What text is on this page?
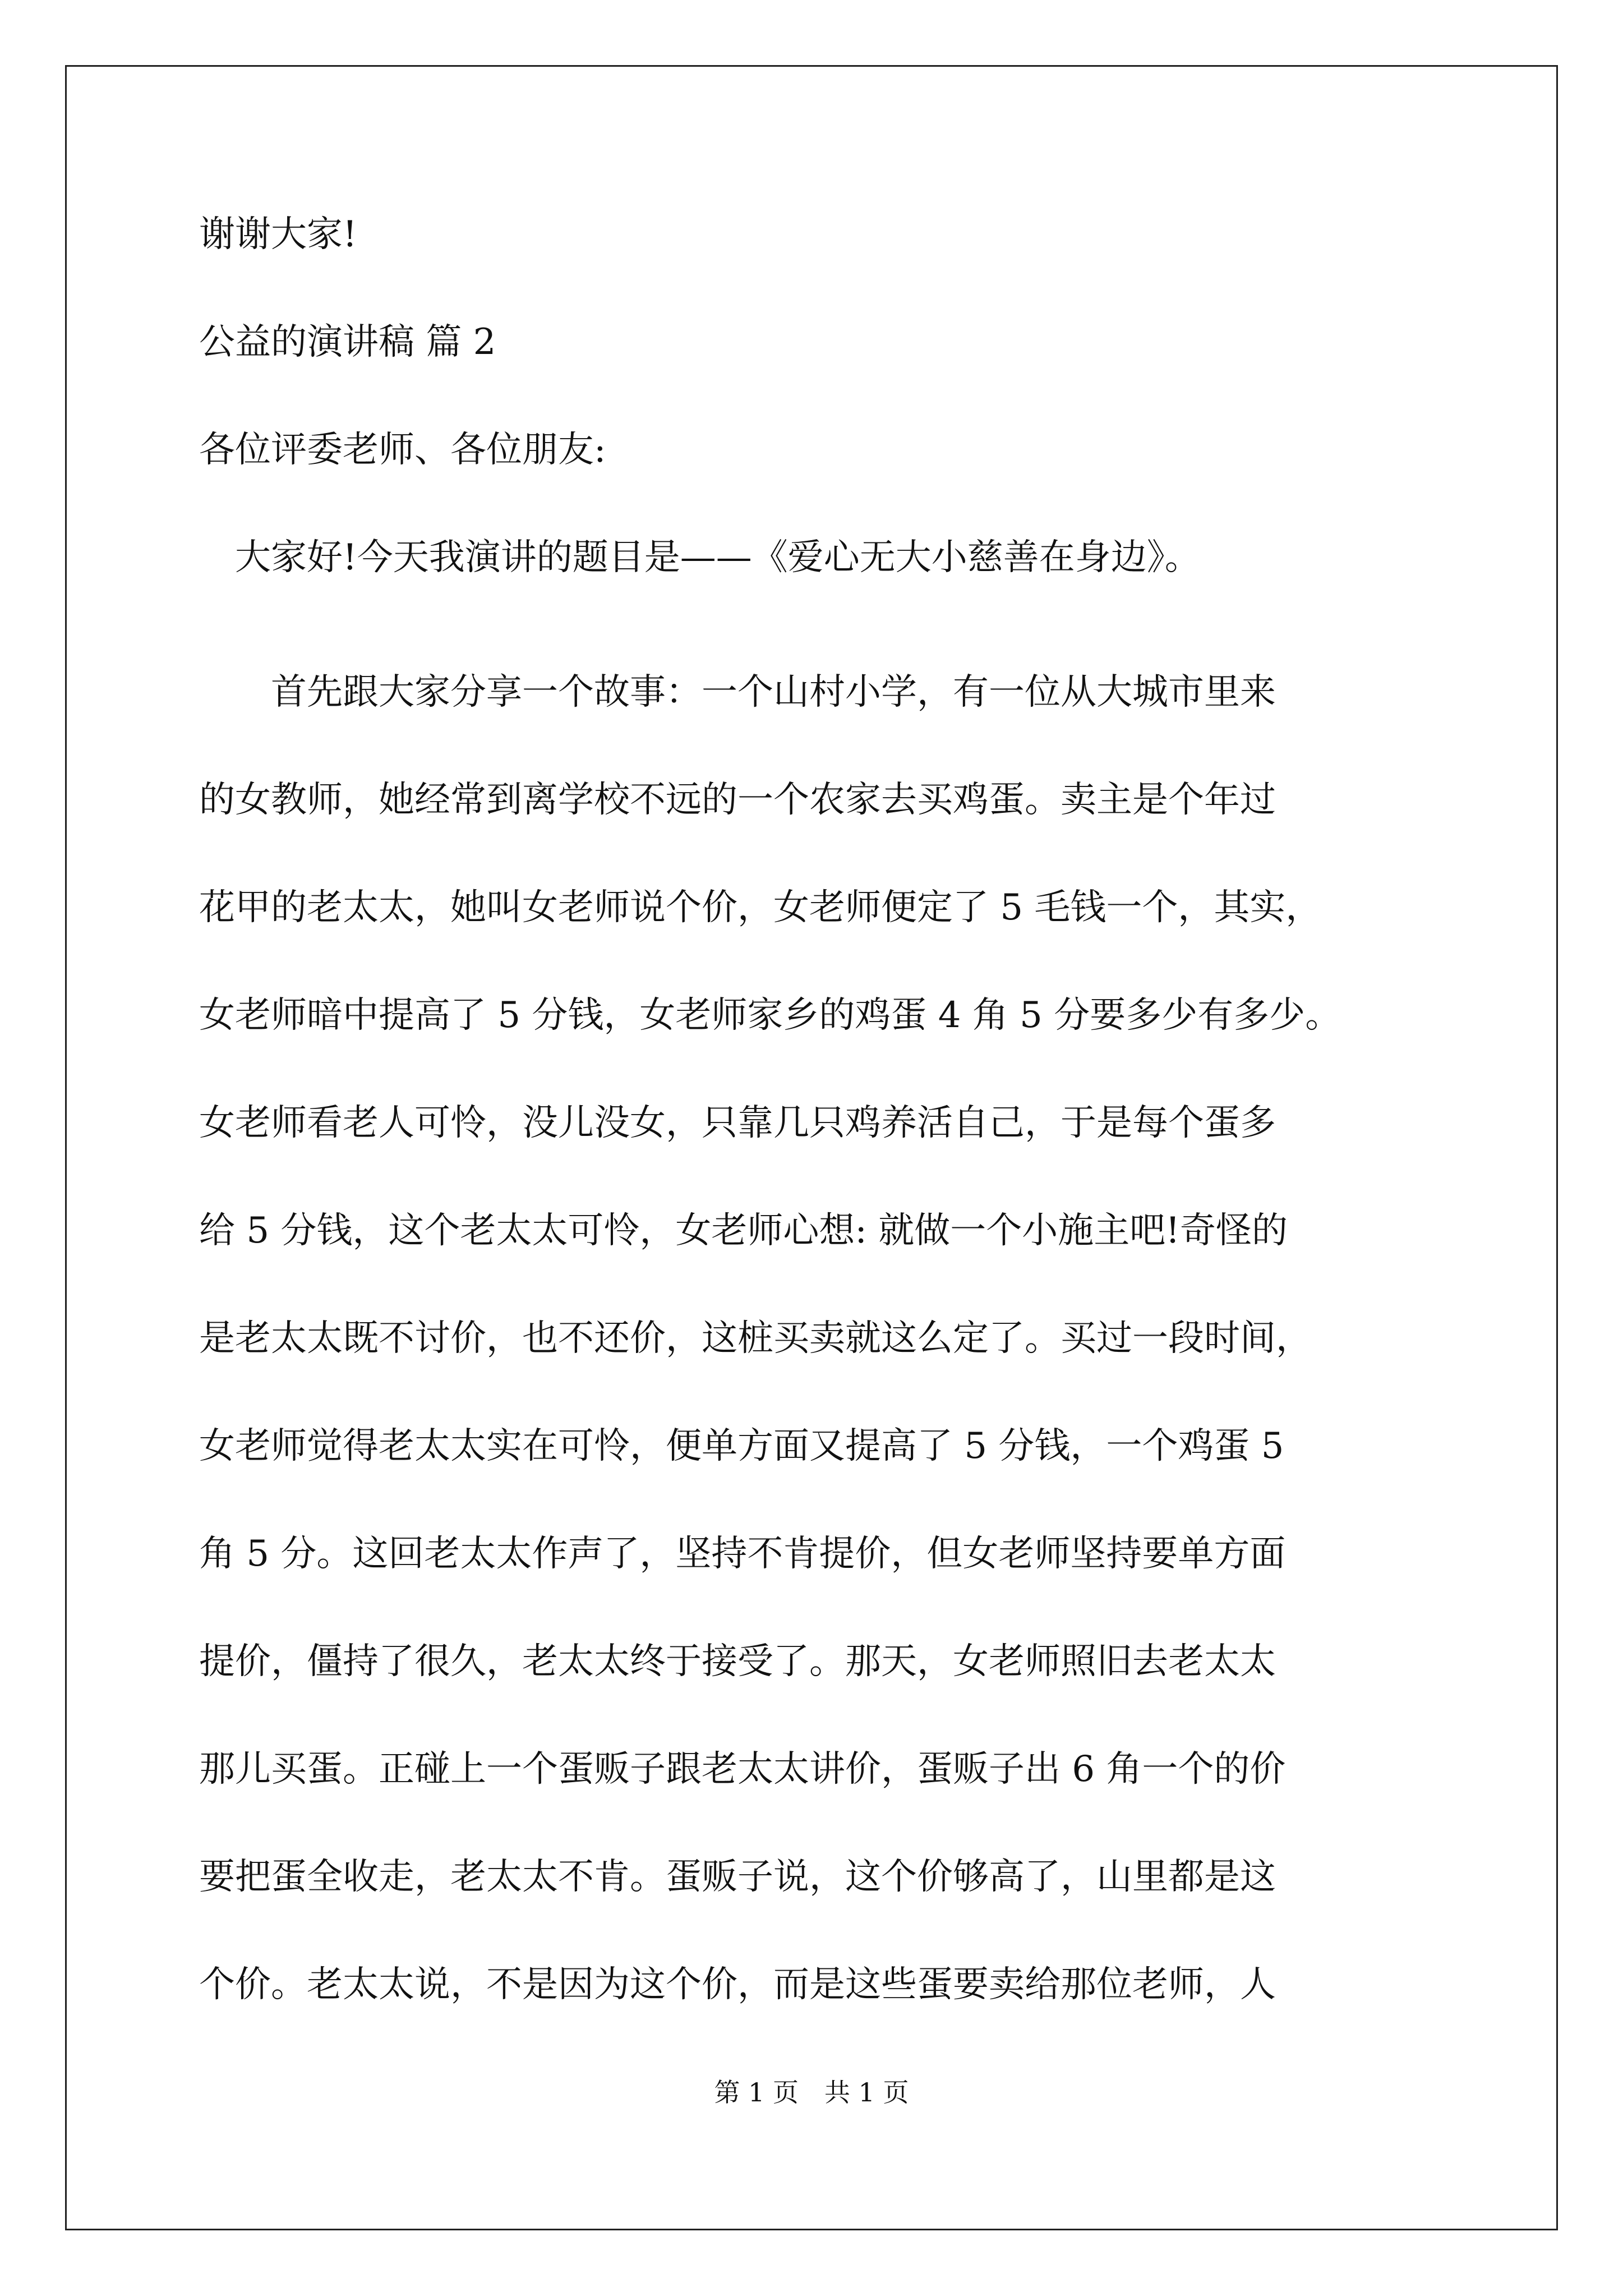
谢谢大家!

公益的演讲稿 篇 2

各位评委老师、各位朋友:

　大家好!今天我演讲的题目是——《爱心无大小慈善在身边》。

　　首先跟大家分享一个故事：一个山村小学，有一位从大城市里来
的女教师，她经常到离学校不远的一个农家去买鸡蛋。卖主是个年过
花甲的老太太，她叫女老师说个价，女老师便定了 5 毛钱一个，其实，
女老师暗中提高了 5 分钱，女老师家乡的鸡蛋 4 角 5 分要多少有多少。
女老师看老人可怜，没儿没女，只靠几只鸡养活自己，于是每个蛋多
给 5 分钱，这个老太太可怜，女老师心想: 就做一个小施主吧!奇怪的
是老太太既不讨价，也不还价，这桩买卖就这么定了。买过一段时间，
女老师觉得老太太实在可怜，便单方面又提高了 5 分钱，一个鸡蛋 5
角 5 分。这回老太太作声了，坚持不肯提价，但女老师坚持要单方面
提价，僵持了很久，老太太终于接受了。那天，女老师照旧去老太太
那儿买蛋。正碰上一个蛋贩子跟老太太讲价，蛋贩子出 6 角一个的价
要把蛋全收走，老太太不肯。蛋贩子说，这个价够高了，山里都是这
个价。老太太说，不是因为这个价，而是这些蛋要卖给那位老师，人

第 1 页　共 1 页
